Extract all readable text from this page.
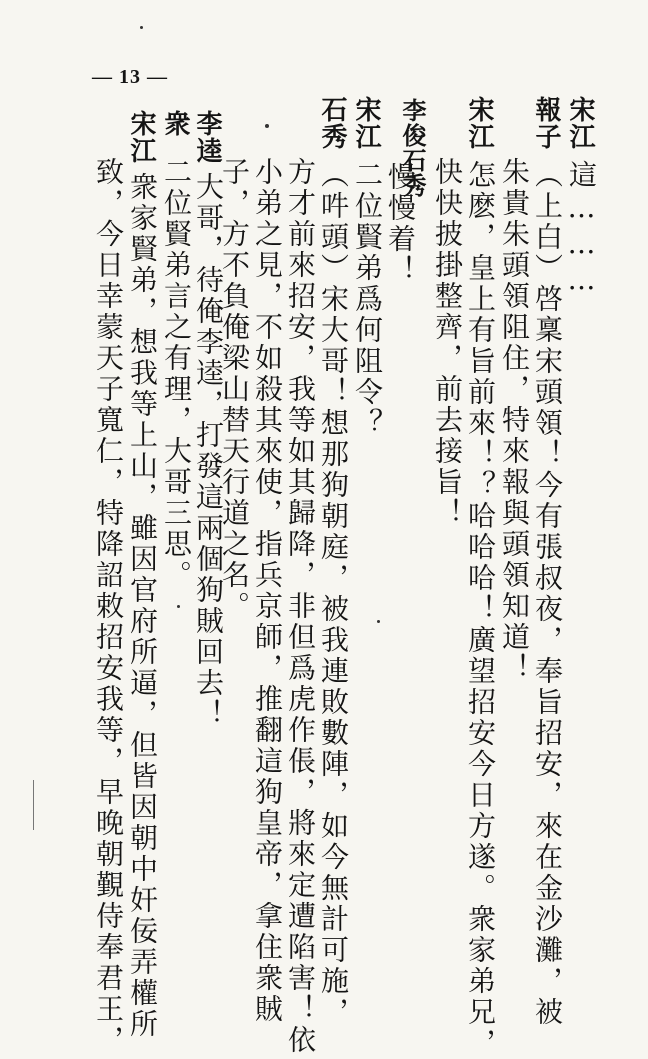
— 13 —
宋江
這………
報子
（上白）啓稟宋頭領！今有張叔夜，奉旨招安，來在金沙灘，被
朱貴朱頭領阻住，特來報與頭領知道！
宋江
怎麽，皇上有旨前來！？哈哈哈！廣望招安今日方遂。衆家弟兄，
快快披掛整齊，前去接旨！
李俊石秀
慢慢着！
宋江
二位賢弟爲何阻令？
石秀
（吽頭）宋大哥！想那狗朝庭，被我連敗數陣，如今無計可施，
方才前來招安，我等如其歸降，非但爲虎作倀，將來定遭陷害！依
小弟之見，不如殺其來使，指兵京師，推翻這狗皇帝，拿住衆賊
子，方不負俺梁山替天行道之名。
李逵
大哥，待俺李逵，打發這兩個狗賊回去！
衆
二位賢弟言之有理，大哥三思。
宋江
衆家賢弟，想我等上山，雖因官府所逼，但皆因朝中奸佞弄權所
致，今日幸蒙天子寬仁，特降詔敕招安我等，早晚朝覲侍奉君王，
